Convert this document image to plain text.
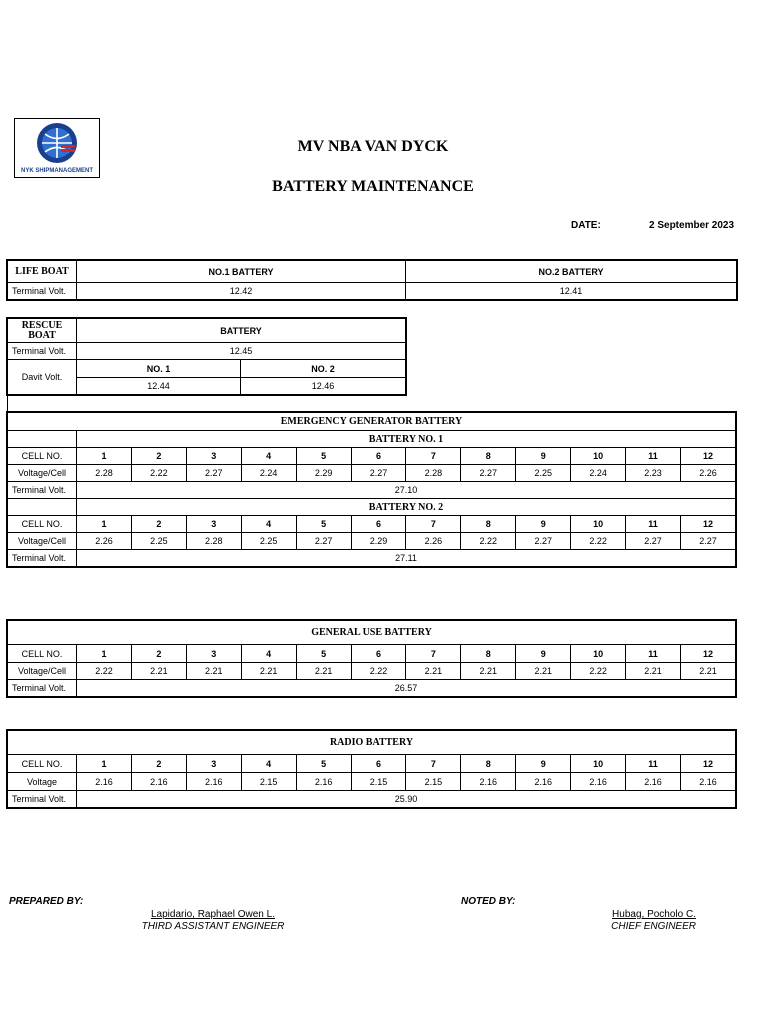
NYK SHIPMANAGEMENT
MV NBA VAN DYCK
BATTERY MAINTENANCE
DATE:	2 September 2023
LIFE BOAT	NO.1 BATTERY	NO.2 BATTERY
Terminal Volt.	12.42	12.41
RESCUE BOAT	BATTERY	
Terminal Volt.	12.45	
Davit Volt.	NO. 1	NO. 2
	12.44	12.46
EMERGENCY GENERATOR BATTERY												
	BATTERY NO. 1											
CELL NO.	1	2	3	4	5	6	7	8	9	10	11	12
Voltage/Cell	2.28	2.22	2.27	2.24	2.29	2.27	2.28	2.27	2.25	2.24	2.23	2.26
Terminal Volt.	27.10											
	BATTERY NO. 2											
CELL NO.	1	2	3	4	5	6	7	8	9	10	11	12
Voltage/Cell	2.26	2.25	2.28	2.25	2.27	2.29	2.26	2.22	2.27	2.22	2.27	2.27
Terminal Volt.	27.11											
GENERAL USE BATTERY												
CELL NO.	1	2	3	4	5	6	7	8	9	10	11	12
Voltage/Cell	2.22	2.21	2.21	2.21	2.21	2.22	2.21	2.21	2.21	2.22	2.21	2.21
Terminal Volt.	26.57											
RADIO BATTERY												
CELL NO.	1	2	3	4	5	6	7	8	9	10	11	12
Voltage	2.16	2.16	2.16	2.15	2.16	2.15	2.15	2.16	2.16	2.16	2.16	2.16
Terminal Volt.	25.90											
PREPARED BY:
Lapidario, Raphael Owen L.
THIRD ASSISTANT ENGINEER
NOTED BY:
Hubag, Pocholo C.
CHIEF ENGINEER
